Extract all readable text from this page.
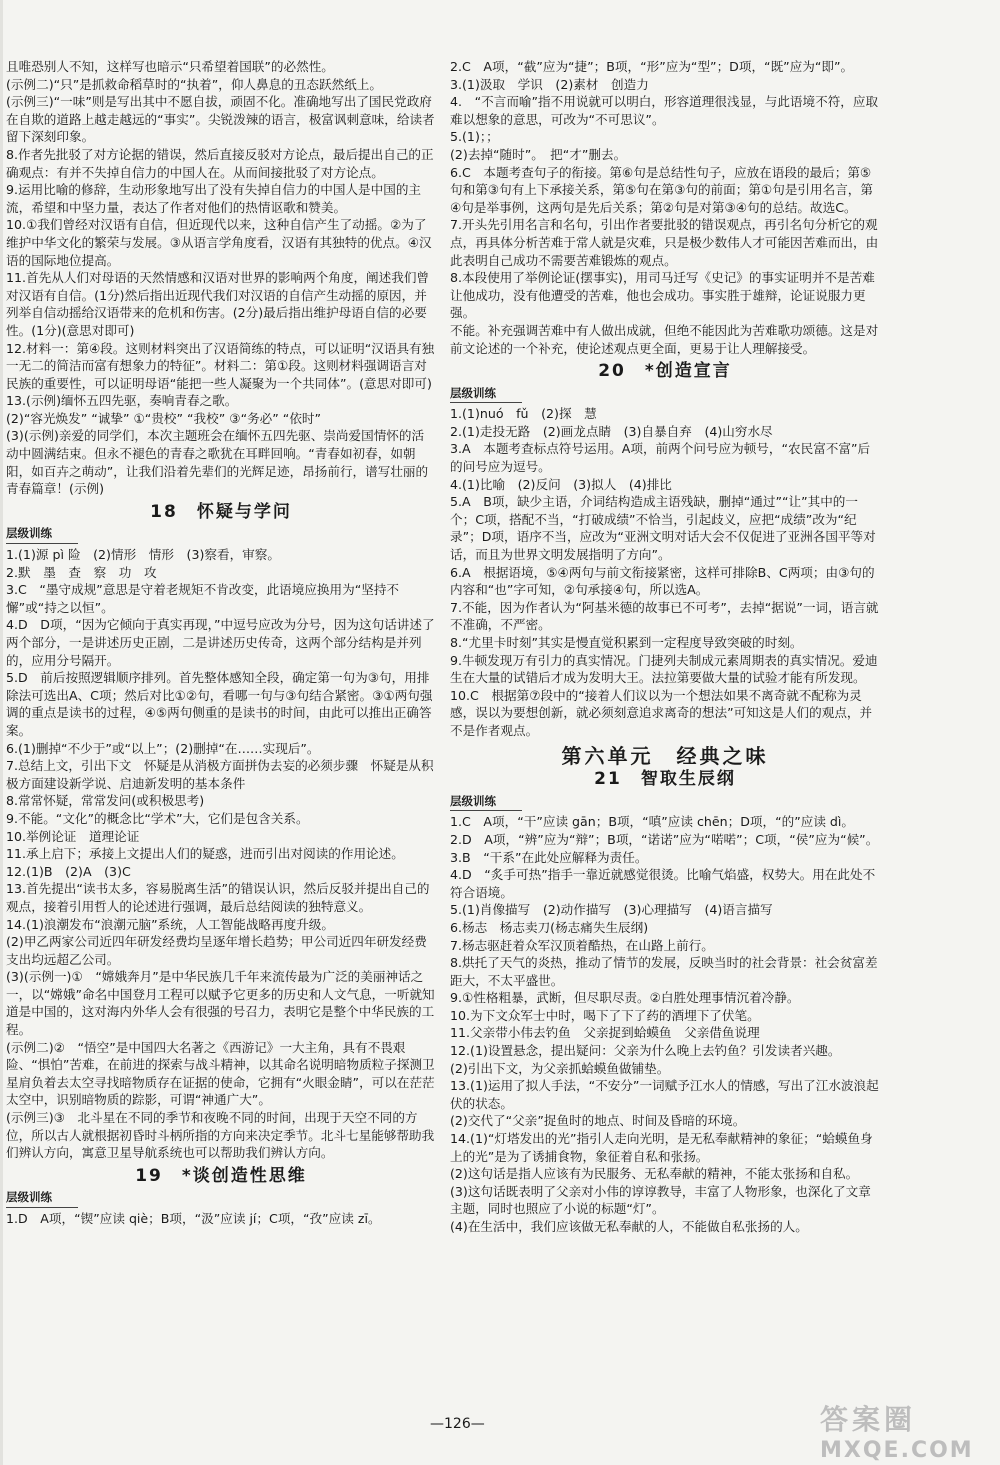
且唯恐别人不知，这样写也暗示“只希望着国联”的必然性。
(示例二)“只”是抓救命稻草时的“执着”，仰人鼻息的丑态跃然纸上。
(示例三)“一味”则是写出其中不愿自拔，顽固不化。准确地写出了国民党政府在自欺的道路上越走越远的“事实”。尖锐泼辣的语言，极富讽刺意味，给读者留下深刻印象。
8.作者先批驳了对方论据的错误，然后直接反驳对方论点，最后提出自己的正确观点：有并不失掉自信力的中国人在。从而间接批驳了对方论点。
9.运用比喻的修辞，生动形象地写出了没有失掉自信力的中国人是中国的主流，希望和中坚力量，表达了作者对他们的热情讴歌和赞美。
10.①我们曾经对汉语有自信，但近现代以来，这种自信产生了动摇。②为了维护中华文化的繁荣与发展。③从语言学角度看，汉语有其独特的优点。④汉语的国际地位提高。
11.首先从人们对母语的天然情感和汉语对世界的影响两个角度，阐述我们曾对汉语有自信。(1分)然后指出近现代我们对汉语的自信产生动摇的原因，并列举自信动摇给汉语带来的危机和伤害。(2分)最后指出维护母语自信的必要性。(1分)(意思对即可)
12.材料一：第④段。这则材料突出了汉语简练的特点，可以证明“汉语具有独一无二的简洁而富有想象力的特征”。材料二：第①段。这则材料强调语言对民族的重要性，可以证明母语“能把一些人凝聚为一个共同体”。(意思对即可)
13.(示例)缅怀五四先驱，奏响青春之歌。
(2)“容光焕发” “诚挚” ①“贵校” “我校” ③“务必” “依时”
(3)(示例)亲爱的同学们，本次主题班会在缅怀五四先驱、崇尚爱国情怀的活动中圆满结束。但永不褪色的青春之歌犹在耳畔回响。“青春如初春，如朝阳，如百卉之萌动”，让我们沿着先辈们的光辉足迹，昂扬前行，谱写壮丽的青春篇章！(示例)
18　怀疑与学问
层级训练
1.(1)源 pì 险　(2)情形　情形　(3)察看，审察。
2.默　墨　查　察　功　攻
3.C　“墨守成规”意思是守着老规矩不肯改变，此语境应换用为“坚持不懈”或“持之以恒”。
4.D　D项，“因为它倾向于真实再现，”中逗号应改为分号，因为这句话讲述了两个部分，一是讲述历史正剧，二是讲述历史传奇，这两个部分结构是并列的，应用分号隔开。
5.D　前后按照逻辑顺序排列。首先整体感知全段，确定第一句为③句，用排除法可选出A、C项；然后对比①②句，看哪一句与③句结合紧密。③①两句强调的重点是读书的过程，④⑤两句侧重的是读书的时间，由此可以推出正确答案。
6.(1)删掉“不少于”或“以上”；(2)删掉“在……实现后”。
7.总结上文，引出下文　怀疑是从消极方面拼伪去妄的必须步骤　怀疑是从积极方面建设新学说、启迪新发明的基本条件
8.常常怀疑，常常发问(或积极思考)
9.不能。“文化”的概念比“学术”大，它们是包含关系。
10.举例论证　道理论证
11.承上启下；承接上文提出人们的疑惑，进而引出对阅读的作用论述。
12.(1)B　(2)A　(3)C
13.首先提出“读书太多，容易脱离生活”的错误认识，然后反驳并提出自己的观点，接着引用哲人的论述进行强调，最后总结阅读的独特意义。
14.(1)浪潮发布“浪潮元脑”系统，人工智能战略再度升级。
(2)甲乙两家公司近四年研发经费均呈逐年增长趋势；甲公司近四年研发经费支出均远超乙公司。
(3)(示例一)①　“嫦娥奔月”是中华民族几千年来流传最为广泛的美丽神话之一，以“嫦娥”命名中国登月工程可以赋予它更多的历史和人文气息，一听就知道是中国的，这对海内外华人会有很强的号召力，表明它是整个中华民族的工程。
(示例二)②　“悟空”是中国四大名著之《西游记》一大主角，具有不畏艰险、“惧怕”苦难，在前进的探索与战斗精神，以其命名说明暗物质粒子探测卫星肩负着去太空寻找暗物质存在证据的使命，它拥有“火眼金睛”，可以在茫茫太空中，识别暗物质的踪影，可谓“神通广大”。
(示例三)③　北斗星在不同的季节和夜晚不同的时间，出现于天空不同的方位，所以古人就根据初昏时斗柄所指的方向来决定季节。北斗七星能够帮助我们辨认方向，寓意卫星导航系统也可以帮助我们辨认方向。
19　*谈创造性思维
层级训练
1.D　A项，“锲”应读 qiè；B项，“汲”应读 jí；C项，“孜”应读 zī。
2.C　A项，“截”应为“捷”；B项，“形”应为“型”；D项，“既”应为“即”。
3.(1)汲取　学识　(2)素材　创造力
4.　“不言而喻”指不用说就可以明白，形容道理很浅显，与此语境不符，应取难以想象的意思，可改为“不可思议”。
5.(1)；；
(2)去掉“随时”。　把“才”删去。
6.C　本题考查句子的衔接。第⑥句是总结性句子，应放在语段的最后；第⑤句和第③句有上下承接关系，第⑤句在第③句的前面；第①句是引用名言，第④句是举事例，这两句是先后关系；第②句是对第③④句的总结。故选C。
7.开头先引用名言和名句，引出作者要批驳的错误观点，再引名句分析它的观点，再具体分析苦难于常人就是灾难，只是极少数伟人才可能因苦难而出，由此表明自己成功不需要苦难锻炼的观点。
8.本段使用了举例论证(摆事实)，用司马迁写《史记》的事实证明并不是苦难让他成功，没有他遭受的苦难，他也会成功。事实胜于雄辩，论证说服力更强。
不能。补充强调苦难中有人做出成就，但绝不能因此为苦难歌功颂德。这是对前文论述的一个补充，使论述观点更全面，更易于让人理解接受。
20　*创造宣言
层级训练
1.(1)nuó　fǔ　(2)探　慧
2.(1)走投无路　(2)画龙点睛　(3)自暴自弃　(4)山穷水尽
3.A　本题考查标点符号运用。A项，前两个问号应为顿号，“农民富不富”后的问号应为逗号。
4.(1)比喻　(2)反问　(3)拟人　(4)排比
5.A　B项，缺少主语，介词结构造成主语残缺，删掉“通过”“让”其中的一个；C项，搭配不当，“打破成绩”不恰当，引起歧义，应把“成绩”改为“纪录”；D项，语序不当，应改为“亚洲文明对话大会不仅促进了亚洲各国平等对话，而且为世界文明发展指明了方向”。
6.A　根据语境，⑤④两句与前文衔接紧密，这样可排除B、C两项；由③句的内容和“也”字可知，②句承接④句，所以选A。
7.不能，因为作者认为“阿基米德的故事已不可考”，去掉“据说”一词，语言就不准确，不严密。
8.“尤里卡时刻”其实是慢直觉积累到一定程度导致突破的时刻。
9.牛顿发现万有引力的真实情况。门捷列夫制成元素周期表的真实情况。爱迪生在大量的试错后才成为发明大王。法拉第要做大量的试验才能有所发现。
10.C　根据第⑦段中的“接着人们议以为一个想法如果不离奇就不配称为灵感，误以为要想创新，就必须刻意追求离奇的想法”可知这是人们的观点，并不是作者观点。
第六单元　经典之味
21　智取生辰纲
层级训练
1.C　A项，“干”应读 gān；B项，“嗔”应读 chēn；D项，“的”应读 dì。
2.D　A项，“辨”应为“辩”；B项，“诺诺”应为“喏喏”；C项，“侯”应为“候”。
3.B　“干系”在此处应解释为责任。
4.D　“炙手可热”指手一靠近就感觉很烫。比喻气焰盛，权势大。用在此处不符合语境。
5.(1)肖像描写　(2)动作描写　(3)心理描写　(4)语言描写
6.杨志　杨志卖刀(杨志痛失生辰纲)
7.杨志驱赶着众军汉顶着酷热，在山路上前行。
8.烘托了天气的炎热，推动了情节的发展，反映当时的社会背景：社会贫富差距大，不太平盛世。
9.①性格粗暴，武断，但尽职尽责。②白胜处理事情沉着冷静。
10.为下文众军士中时，喝下了下了药的酒埋下了伏笔。
11.父亲带小伟去钓鱼　父亲捉到蛤蟆鱼　父亲借鱼说理
12.(1)设置悬念，提出疑问：父亲为什么晚上去钓鱼？引发读者兴趣。
(2)引出下文，为父亲抓蛤蟆鱼做铺垫。
13.(1)运用了拟人手法，“不安分”一词赋予江水人的情感，写出了江水波浪起伏的状态。
(2)交代了“父亲”捉鱼时的地点、时间及昏暗的环境。
14.(1)“灯塔发出的光”指引人走向光明，是无私奉献精神的象征；“蛤蟆鱼身上的光”是为了诱捕食物，象征着自私和张扬。
(2)这句话是指人应该有为民服务、无私奉献的精神，不能太张扬和自私。
(3)这句话既表明了父亲对小伟的谆谆教导，丰富了人物形象，也深化了文章主题，同时也照应了小说的标题“灯”。
(4)在生活中，我们应该做无私奉献的人，不能做自私张扬的人。
—126—	答案圈
MXQE.COM
